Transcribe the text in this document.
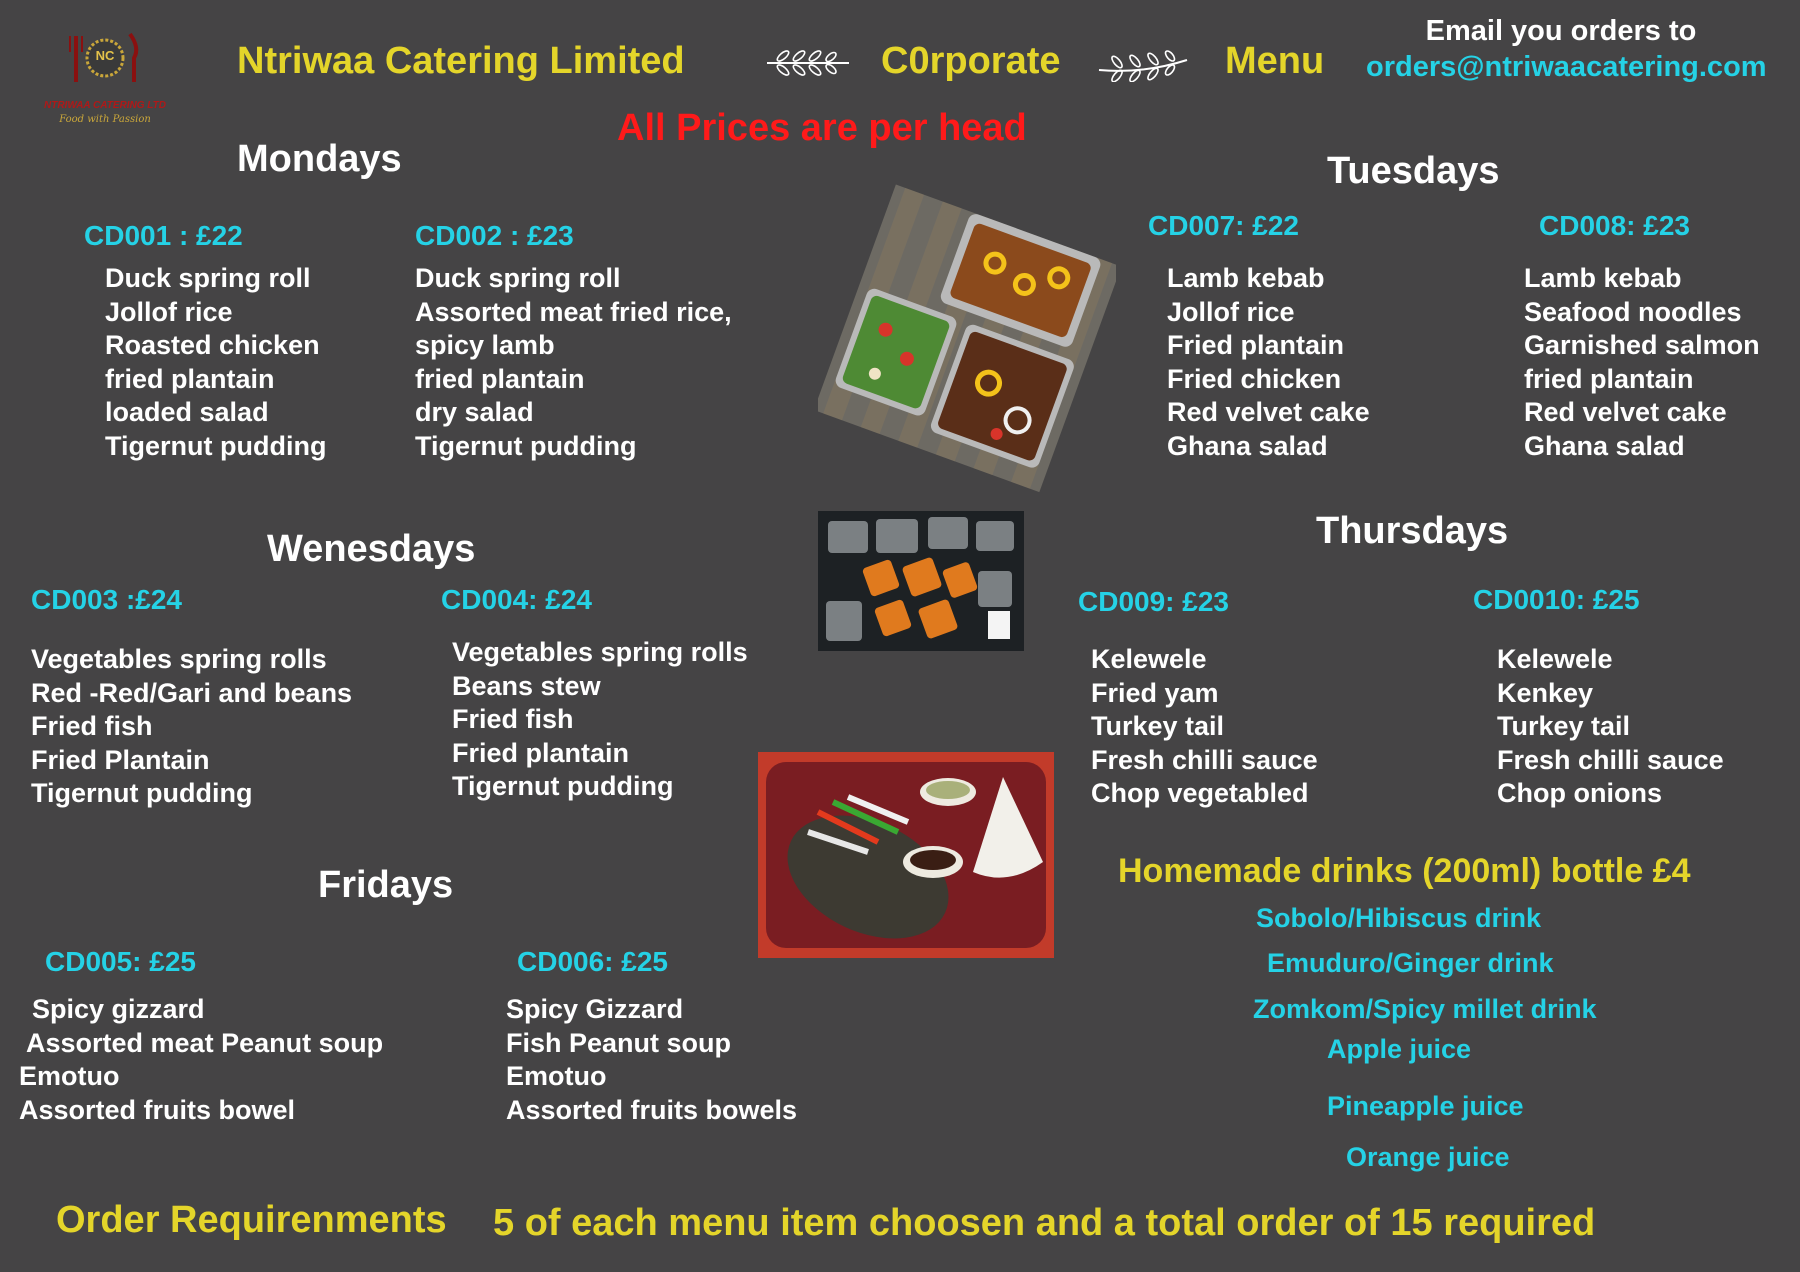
NC
NTRIWAA CATERING LTD
Food with Passion
Ntriwaa Catering Limited	C0rporate	Menu
Email you orders to
orders@ntriwaacatering.com
All Prices are per head
Mondays
CD001 : £22
Duck spring roll
Jollof rice
Roasted chicken
fried plantain
loaded salad
Tigernut pudding
CD002 : £23
Duck spring roll
Assorted meat fried rice,
spicy lamb
fried plantain
dry salad
Tigernut pudding
Tuesdays
CD007: £22
Lamb kebab
Jollof rice
Fried plantain
Fried chicken
Red velvet cake
Ghana salad
CD008: £23
Lamb kebab
Seafood noodles
Garnished salmon
fried plantain
Red velvet cake
Ghana salad
Wenesdays
CD003 :£24
Vegetables spring rolls
Red -Red/Gari and beans
Fried fish
Fried Plantain
Tigernut pudding
CD004: £24
Vegetables spring rolls
Beans stew
Fried fish
Fried plantain
Tigernut pudding
Thursdays
CD009: £23
Kelewele
Fried yam
Turkey tail
Fresh chilli sauce
Chop vegetabled
CD0010: £25
Kelewele
Kenkey
Turkey tail
Fresh chilli sauce
Chop onions
Fridays
CD005: £25
Spicy gizzard
Assorted meat Peanut soup
Emotuo
Assorted fruits bowel
CD006: £25
Spicy Gizzard
Fish Peanut soup
Emotuo
Assorted fruits bowels
Homemade drinks (200ml) bottle £4
Sobolo/Hibiscus drink
Emuduro/Ginger drink
Zomkom/Spicy millet drink
Apple juice
Pineapple juice
Orange juice
Order Requirenments 5 of each menu item choosen and a total order of 15 required
